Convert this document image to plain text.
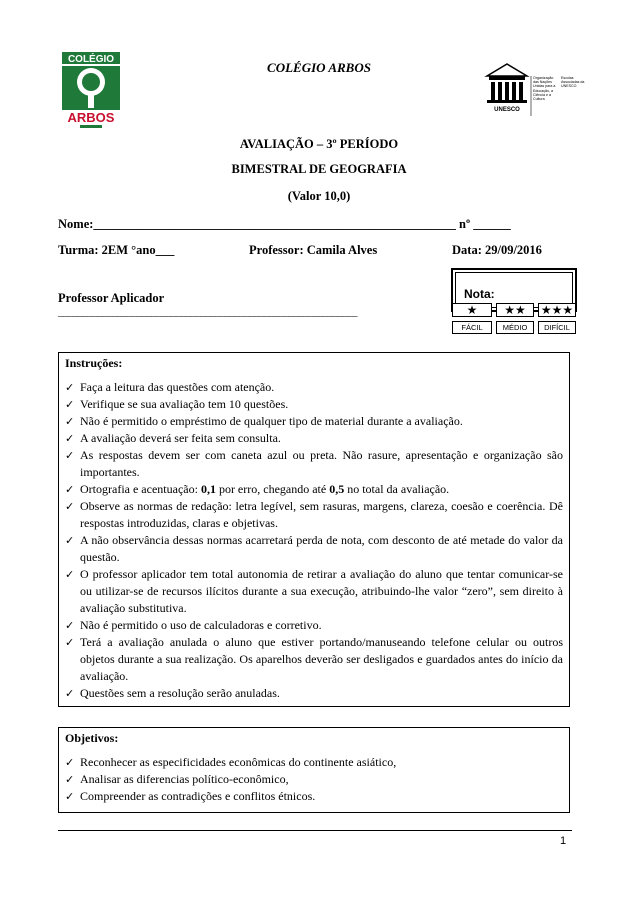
COLÉGIO ARBOS
COLÉGIO
ARBOS	UNESCO
Organização das Nações Unidas para a Educação, a Ciência e a Cultura
Escolas Associadas da UNESCO
AVALIAÇÃO – 3º PERÍODO
BIMESTRAL DE GEOGRAFIA
(Valor 10,0)
Nome:__________________________________________________________ nº ______
Turma: 2EM °ano___	Professor: Camila Alves	Data: 29/09/2016
Professor Aplicador
_____________________________________________________________
Nota:
★	★★	★★★
FÁCIL	MÉDIO	DIFÍCIL
Instruções:
✓ Faça a leitura das questões com atenção.
✓ Verifique se sua avaliação tem 10 questões.
✓ Não é permitido o empréstimo de qualquer tipo de material durante a avaliação.
✓ A avaliação deverá ser feita sem consulta.
✓ As respostas devem ser com caneta azul ou preta. Não rasure, apresentação e organização são importantes.
✓ Ortografia e acentuação: 0,1 por erro, chegando até 0,5 no total da avaliação.
✓ Observe as normas de redação: letra legível, sem rasuras, margens, clareza, coesão e coerência. Dê respostas introduzidas, claras e objetivas.
✓ A não observância dessas normas acarretará perda de nota, com desconto de até metade do valor da questão.
✓ O professor aplicador tem total autonomia de retirar a avaliação do aluno que tentar comunicar-se ou utilizar-se de recursos ilícitos durante a sua execução, atribuindo-lhe valor “zero”, sem direito à avaliação substitutiva.
✓ Não é permitido o uso de calculadoras e corretivo.
✓ Terá a avaliação anulada o aluno que estiver portando/manuseando telefone celular ou outros objetos durante a sua realização. Os aparelhos deverão ser desligados e guardados antes do início da avaliação.
✓ Questões sem a resolução serão anuladas.
Objetivos:
✓ Reconhecer as especificidades econômicas do continente asiático,
✓ Analisar as diferencias político-econômico,
✓ Compreender as contradições e conflitos étnicos.
1
